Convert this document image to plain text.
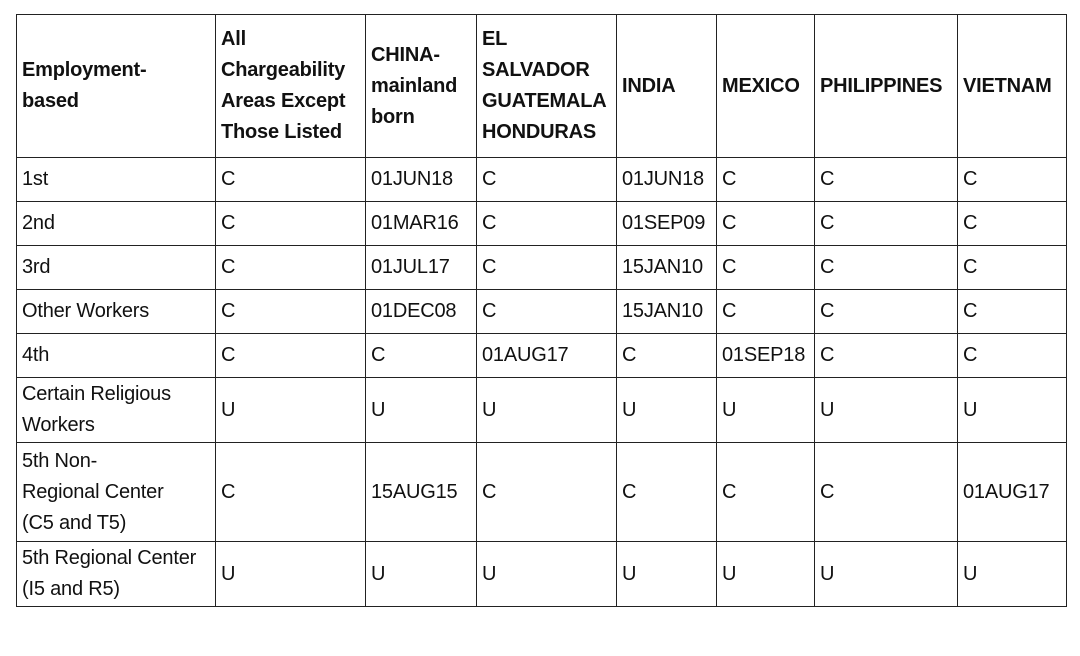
Employment-
based	All
Chargeability
Areas Except
Those Listed	CHINA-
mainland
born	EL
SALVADOR
GUATEMALA
HONDURAS	INDIA	MEXICO	PHILIPPINES	VIETNAM
1st	C	01JUN18	C	01JUN18	C	C	C
2nd	C	01MAR16	C	01SEP09	C	C	C
3rd	C	01JUL17	C	15JAN10	C	C	C
Other Workers	C	01DEC08	C	15JAN10	C	C	C
4th	C	C	01AUG17	C	01SEP18	C	C
Certain Religious
Workers	U	U	U	U	U	U	U
5th Non-
Regional Center
(C5 and T5)	C	15AUG15	C	C	C	C	01AUG17
5th Regional Center
(I5 and R5)	U	U	U	U	U	U	U
